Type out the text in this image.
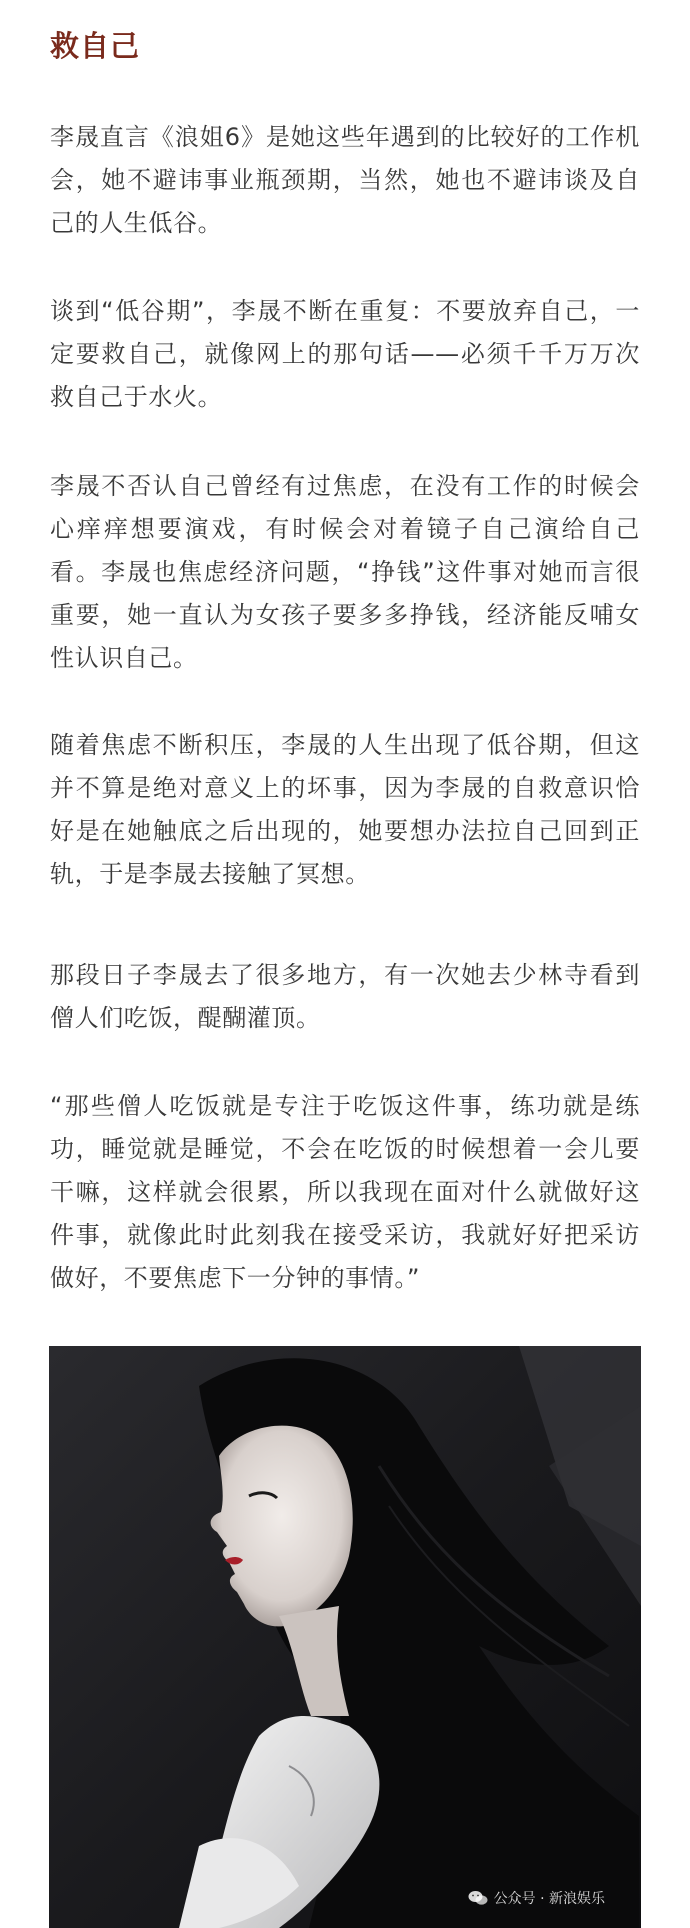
救自己

李晟直言《浪姐6》是她这些年遇到的比较好的工作机会，她不避讳事业瓶颈期，当然，她也不避讳谈及自己的人生低谷。

谈到“低谷期”，李晟不断在重复：不要放弃自己，一定要救自己，就像网上的那句话——必须千千万万次救自己于水火。

李晟不否认自己曾经有过焦虑，在没有工作的时候会心痒痒想要演戏，有时候会对着镜子自己演给自己看。李晟也焦虑经济问题，“挣钱”这件事对她而言很重要，她一直认为女孩子要多多挣钱，经济能反哺女性认识自己。

随着焦虑不断积压，李晟的人生出现了低谷期，但这并不算是绝对意义上的坏事，因为李晟的自救意识恰好是在她触底之后出现的，她要想办法拉自己回到正轨，于是李晟去接触了冥想。

那段日子李晟去了很多地方，有一次她去少林寺看到僧人们吃饭，醍醐灌顶。

“那些僧人吃饭就是专注于吃饭这件事，练功就是练功，睡觉就是睡觉，不会在吃饭的时候想着一会儿要干嘛，这样就会很累，所以我现在面对什么就做好这件事，就像此时此刻我在接受采访，我就好好把采访做好，不要焦虑下一分钟的事情。”

公众号 · 新浪娱乐
